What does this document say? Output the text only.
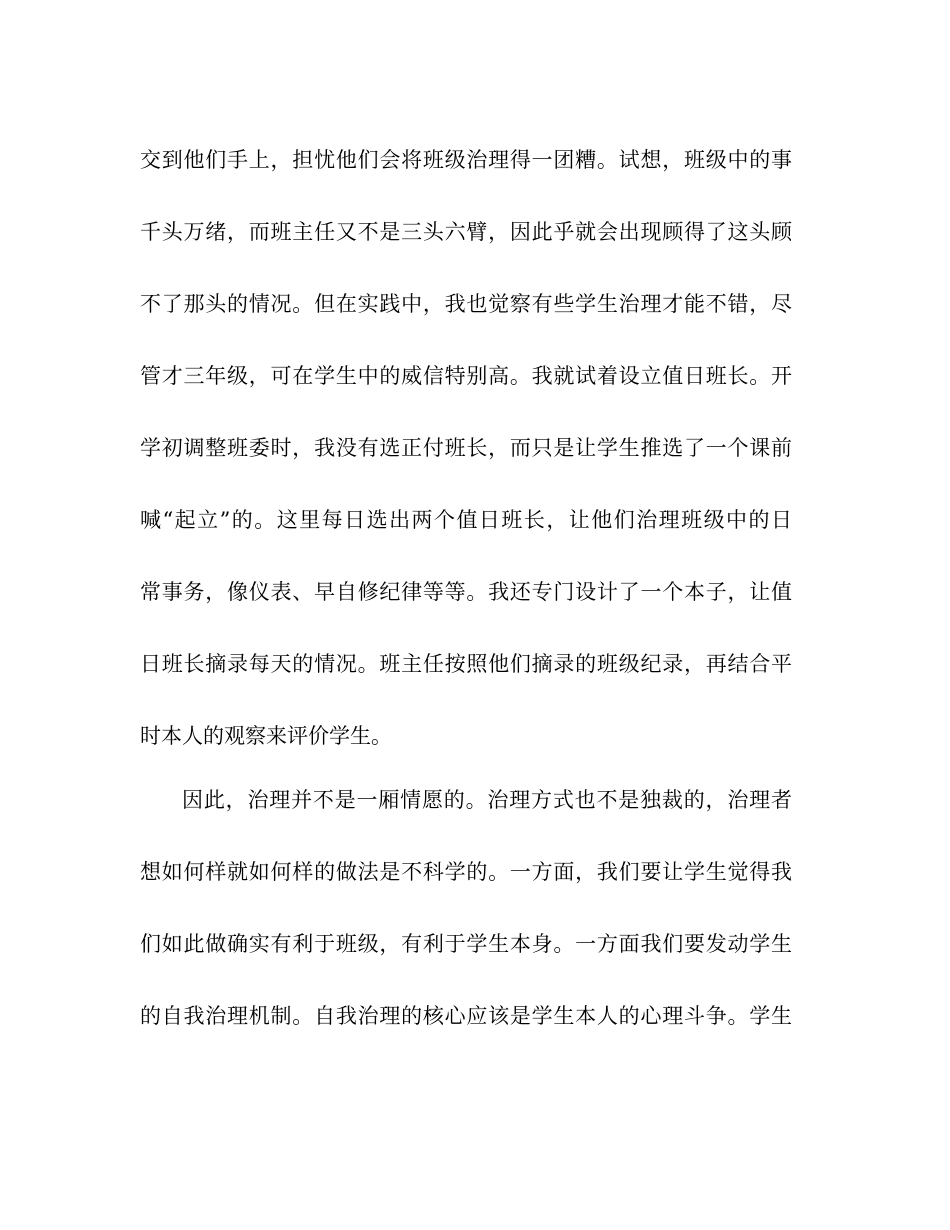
交到他们手上，担忧他们会将班级治理得一团糟。试想，班级中的事
千头万绪，而班主任又不是三头六臂，因此乎就会出现顾得了这头顾
不了那头的情况。但在实践中，我也觉察有些学生治理才能不错，尽
管才三年级，可在学生中的威信特别高。我就试着设立值日班长。开
学初调整班委时，我没有选正付班长，而只是让学生推选了一个课前
喊“起立”的。这里每日选出两个值日班长，让他们治理班级中的日
常事务，像仪表、早自修纪律等等。我还专门设计了一个本子，让值
日班长摘录每天的情况。班主任按照他们摘录的班级纪录，再结合平
时本人的观察来评价学生。
因此，治理并不是一厢情愿的。治理方式也不是独裁的，治理者
想如何样就如何样的做法是不科学的。一方面，我们要让学生觉得我
们如此做确实有利于班级，有利于学生本身。一方面我们要发动学生
的自我治理机制。自我治理的核心应该是学生本人的心理斗争。学生
